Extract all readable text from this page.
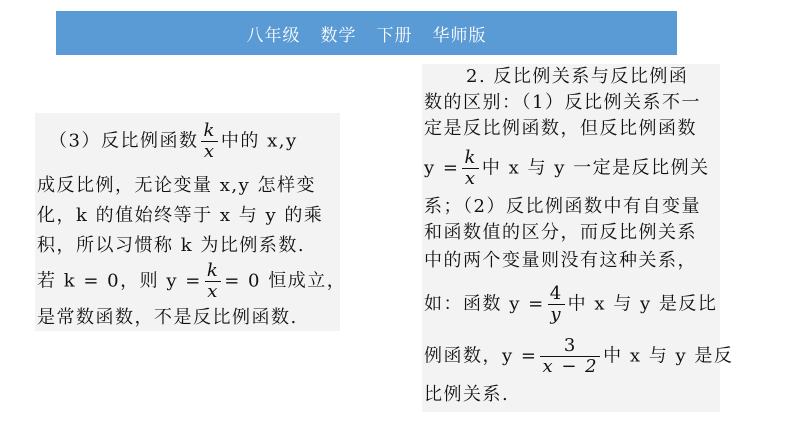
八年级 数学 下册 华师版
（3）反比例函数 $\frac{k}{x}$ 中的 x,y
成反比例，无论变量 x,y 怎样变
化，k 的值始终等于 x 与 y 的乘
积，所以习惯称 k 为比例系数.
若 k = 0，则 $y = \frac{k}{x} = 0$ 恒成立，
是常数函数，不是反比例函数.
2. 反比例关系与反比例函
数的区别：（1）反比例关系不一
定是反比例函数，但反比例函数
$y = \frac{k}{x}$ 中 x 与 y 一定是反比例关
系；（2）反比例函数中有自变量
和函数值的区分，而反比例关系
中的两个变量则没有这种关系，
如：函数 $y = \frac{4}{y}$ 中 x 与 y 是反比
例函数，$y = \frac{3}{x - 2}$ 中 x 与 y 是反
比例关系.
